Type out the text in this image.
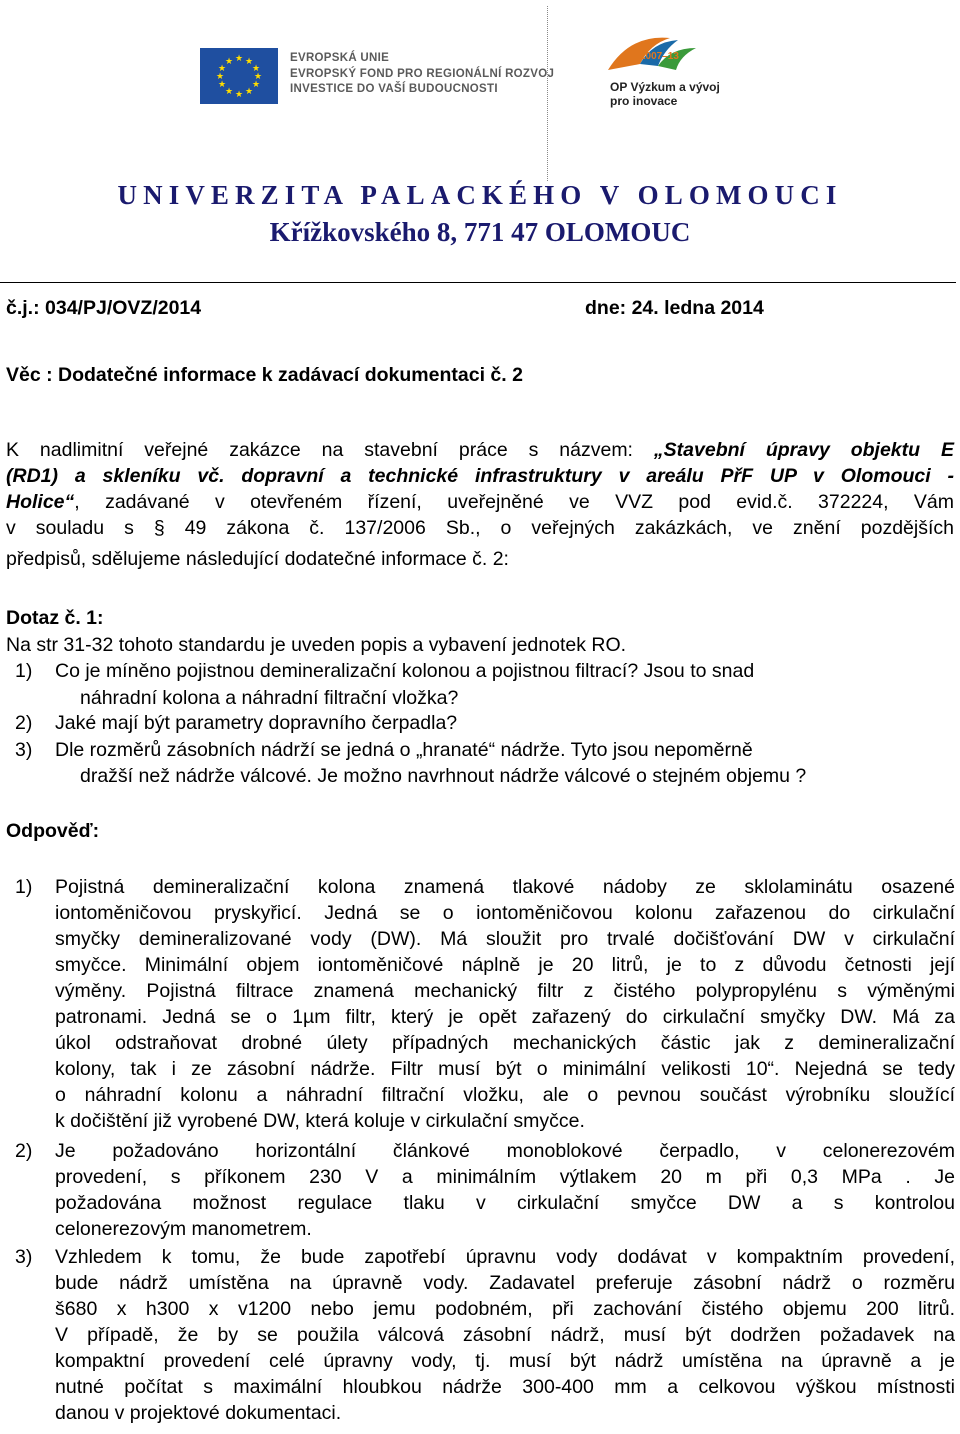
★ ★
★
★
★
★
★
★
★
★
★
★	EVROPSKÁ UNIE
EVROPSKÝ FOND PRO REGIONÁLNÍ ROZVOJ
INVESTICE DO VAŠÍ BUDOUCNOSTI
2007–13
OP Výzkum a vývoj
pro inovace
UNIVERZITA PALACKÉHO V OLOMOUCI
Křížkovského 8, 771 47 OLOMOUC
č.j.: 034/PJ/OVZ/2014	dne: 24. ledna 2014
Věc : Dodatečné informace k zadávací dokumentaci č. 2
K nadlimitní veřejné zakázce na stavební práce s názvem: „Stavební úpravy objektu E
(RD1) a skleníku vč. dopravní a technické infrastruktury v areálu PřF UP v Olomouci -
Holice“, zadávané v otevřeném řízení, uveřejněné ve VVZ pod evid.č. 372224, Vám
v souladu s § 49 zákona č. 137/2006 Sb., o veřejných zakázkách, ve znění pozdějších
předpisů, sdělujeme následující dodatečné informace č. 2:
Dotaz č. 1:
Na str 31-32 tohoto standardu je uveden popis a vybavení jednotek RO.
1)	Co je míněno pojistnou demineralizační kolonou a pojistnou filtrací? Jsou to snad
náhradní kolona a náhradní filtrační vložka?
2)	Jaké mají být parametry dopravního čerpadla?
3)	Dle rozměrů zásobních nádrží se jedná o „hranaté“ nádrže. Tyto jsou nepoměrně
dražší než nádrže válcové. Je možno navrhnout nádrže válcové o stejném objemu ?
Odpověď:
1)	Pojistná demineralizační kolona znamená tlakové nádoby ze sklolaminátu osazené
iontoměničovou pryskyřicí. Jedná se o iontoměničovou kolonu zařazenou do cirkulační
smyčky demineralizované vody (DW). Má sloužit pro trvalé dočišťování DW v cirkulační
smyčce. Minimální objem iontoměničové náplně je 20 litrů, je to z důvodu četnosti její
výměny. Pojistná filtrace znamená mechanický filtr z čistého polypropylénu s výměnými
patronami. Jedná se o 1µm filtr, který je opět zařazený do cirkulační smyčky DW. Má za
úkol odstraňovat drobné úlety případných mechanických částic jak z demineralizační
kolony, tak i ze zásobní nádrže. Filtr musí být o minimální velikosti 10“. Nejedná se tedy
o náhradní kolonu a náhradní filtrační vložku, ale o pevnou součást výrobníku sloužící
k dočištění již vyrobené DW, která koluje v cirkulační smyčce.
2)	Je požadováno horizontální článkové monoblokové čerpadlo, v celonerezovém
provedení, s příkonem 230 V a minimálním výtlakem 20 m při 0,3 MPa . Je
požadována možnost regulace tlaku v cirkulační smyčce DW a s kontrolou
celonerezovým manometrem.
3)	Vzhledem k tomu, že bude zapotřebí úpravnu vody dodávat v kompaktním provedení,
bude nádrž umístěna na úpravně vody. Zadavatel preferuje zásobní nádrž o rozměru
š680 x h300 x v1200 nebo jemu podobném, při zachování čistého objemu 200 litrů.
V případě, že by se použila válcová zásobní nádrž, musí být dodržen požadavek na
kompaktní provedení celé úpravny vody, tj. musí být nádrž umístěna na úpravně a je
nutné počítat s maximální hloubkou nádrže 300-400 mm a celkovou výškou místnosti
danou v projektové dokumentaci.
